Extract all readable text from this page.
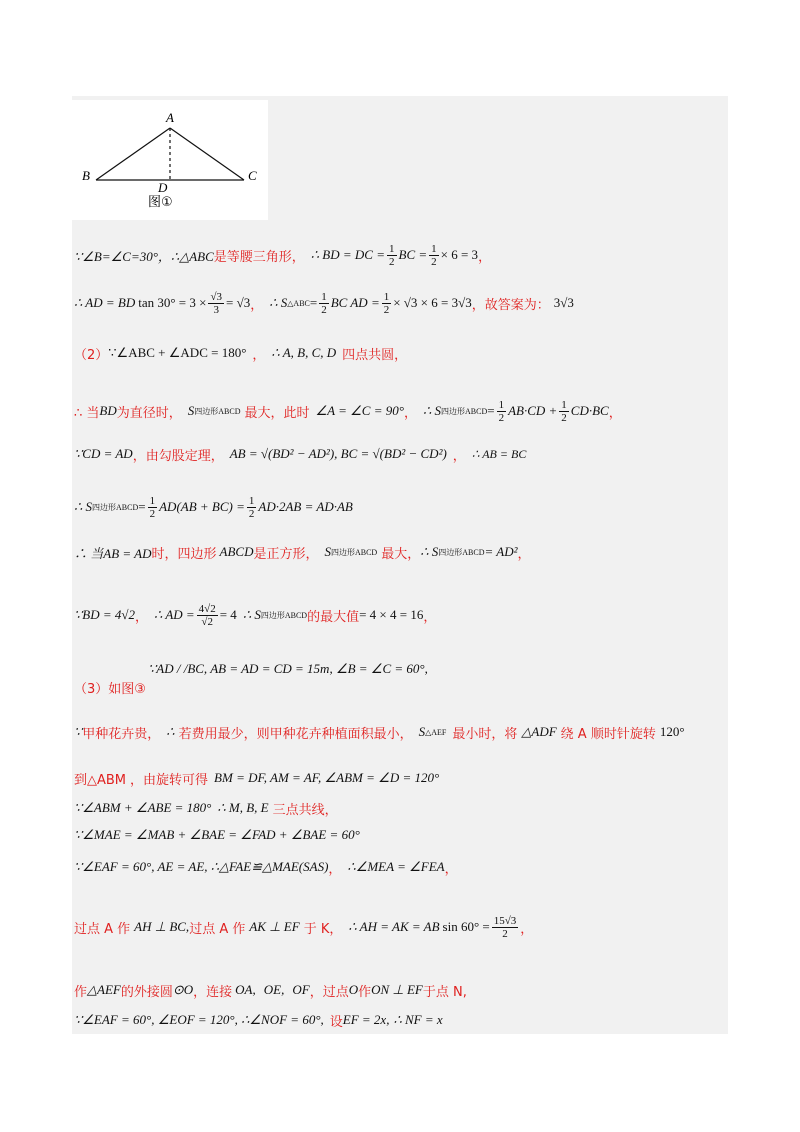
A
B	C
D
图①
∵∠B=∠C=30°，∴△ABC 是等腰三角形， ∴ BD = DC = $\frac{1}{2}$ BC = $\frac{1}{2} \times 6 = 3$ ，
∴ AD = BD $\tan 30^\circ = 3 \times \frac{√3}{3} = √3$ ， ∴ S △ABC = $\frac{1}{2}$ BC AD = $\frac{1}{2} \times √3 \times 6 = 3√3$ ，故答案为： 3√3
（2） ∵∠ABC + ∠ADC = 180° ， ∴ A, B, C, D 四点共圆，
∴ 当 BD 为直径时， S 四边形ABCD 最大，此时 ∠A = ∠C = 90° ， ∴ S 四边形ABCD = $\frac{1}{2} AB\cdot CD + \frac{1}{2} CD\cdot BC$ ，
∵CD = AD ，由勾股定理， AB = √(BD² − AD²), BC = √(BD² − CD²) ， ∴ AB = BC
∴ S 四边形ABCD = $\frac{1}{2} AD(AB + BC) = \frac{1}{2} AD\cdot 2AB = AD\cdot AB$
∴ 当AB = AD 时，四边形 ABCD 是正方形， S 四边形ABCD 最大， ∴ S 四边形ABCD = AD² ，
∵BD = 4√2 ， ∴ AD = $\frac{4√2}{√2} = 4$ ∴ S 四边形ABCD 的最大值 = 4 × 4 = 16 ，
∵AD / /BC, AB = AD = CD = 15m, ∠B = ∠C = 60°,
（3）如图③
∵ 甲种花卉贵， ∴ 若费用最少，则甲种花卉种植面积最小， S △AEF 最小时，将 △ADF 绕 A 顺时针旋转 120°
到△ABM ，由旋转可得 BM = DF, AM = AF, ∠ABM = ∠D = 120°
∵∠ABM + ∠ABE = 180° ∴ M, B, E 三点共线，
∵∠MAE = ∠MAB + ∠BAE = ∠FAD + ∠BAE = 60°
∵∠EAF = 60°, AE = AE, ∴△FAE≌△MAE(SAS) ， ∴∠MEA = ∠FEA ，
过点 A 作 AH ⊥ BC, 过点 A 作 AK ⊥ EF 于 K， ∴ AH = AK = AB $\sin 60^\circ = \frac{15√3}{2}$ ，
作 △AEF 的外接圆 ⊙O ，连接 OA, OE, OF ，过点 O 作 ON ⊥ EF 于点 N,
∵∠EAF = 60°, ∠EOF = 120°, ∴∠NOF = 60°, 设 EF = 2x, ∴ NF = x
